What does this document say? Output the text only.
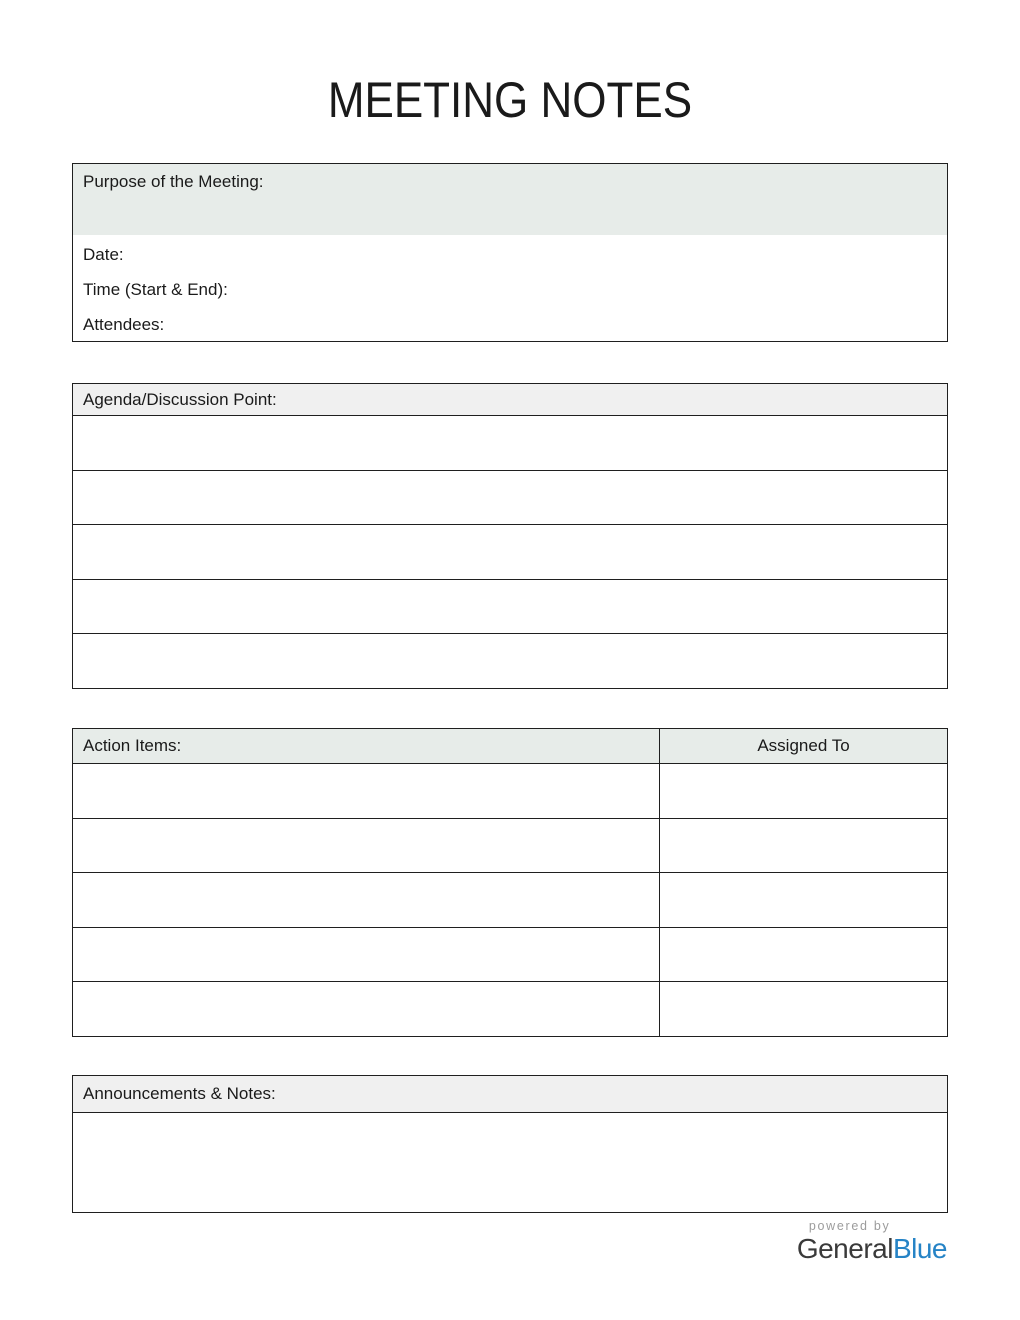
MEETING NOTES
Purpose of the Meeting:
Date:
Time (Start & End):
Attendees:
Agenda/Discussion Point:
Action Items:	Assigned To
Announcements & Notes:
powered by
GeneralBlue
